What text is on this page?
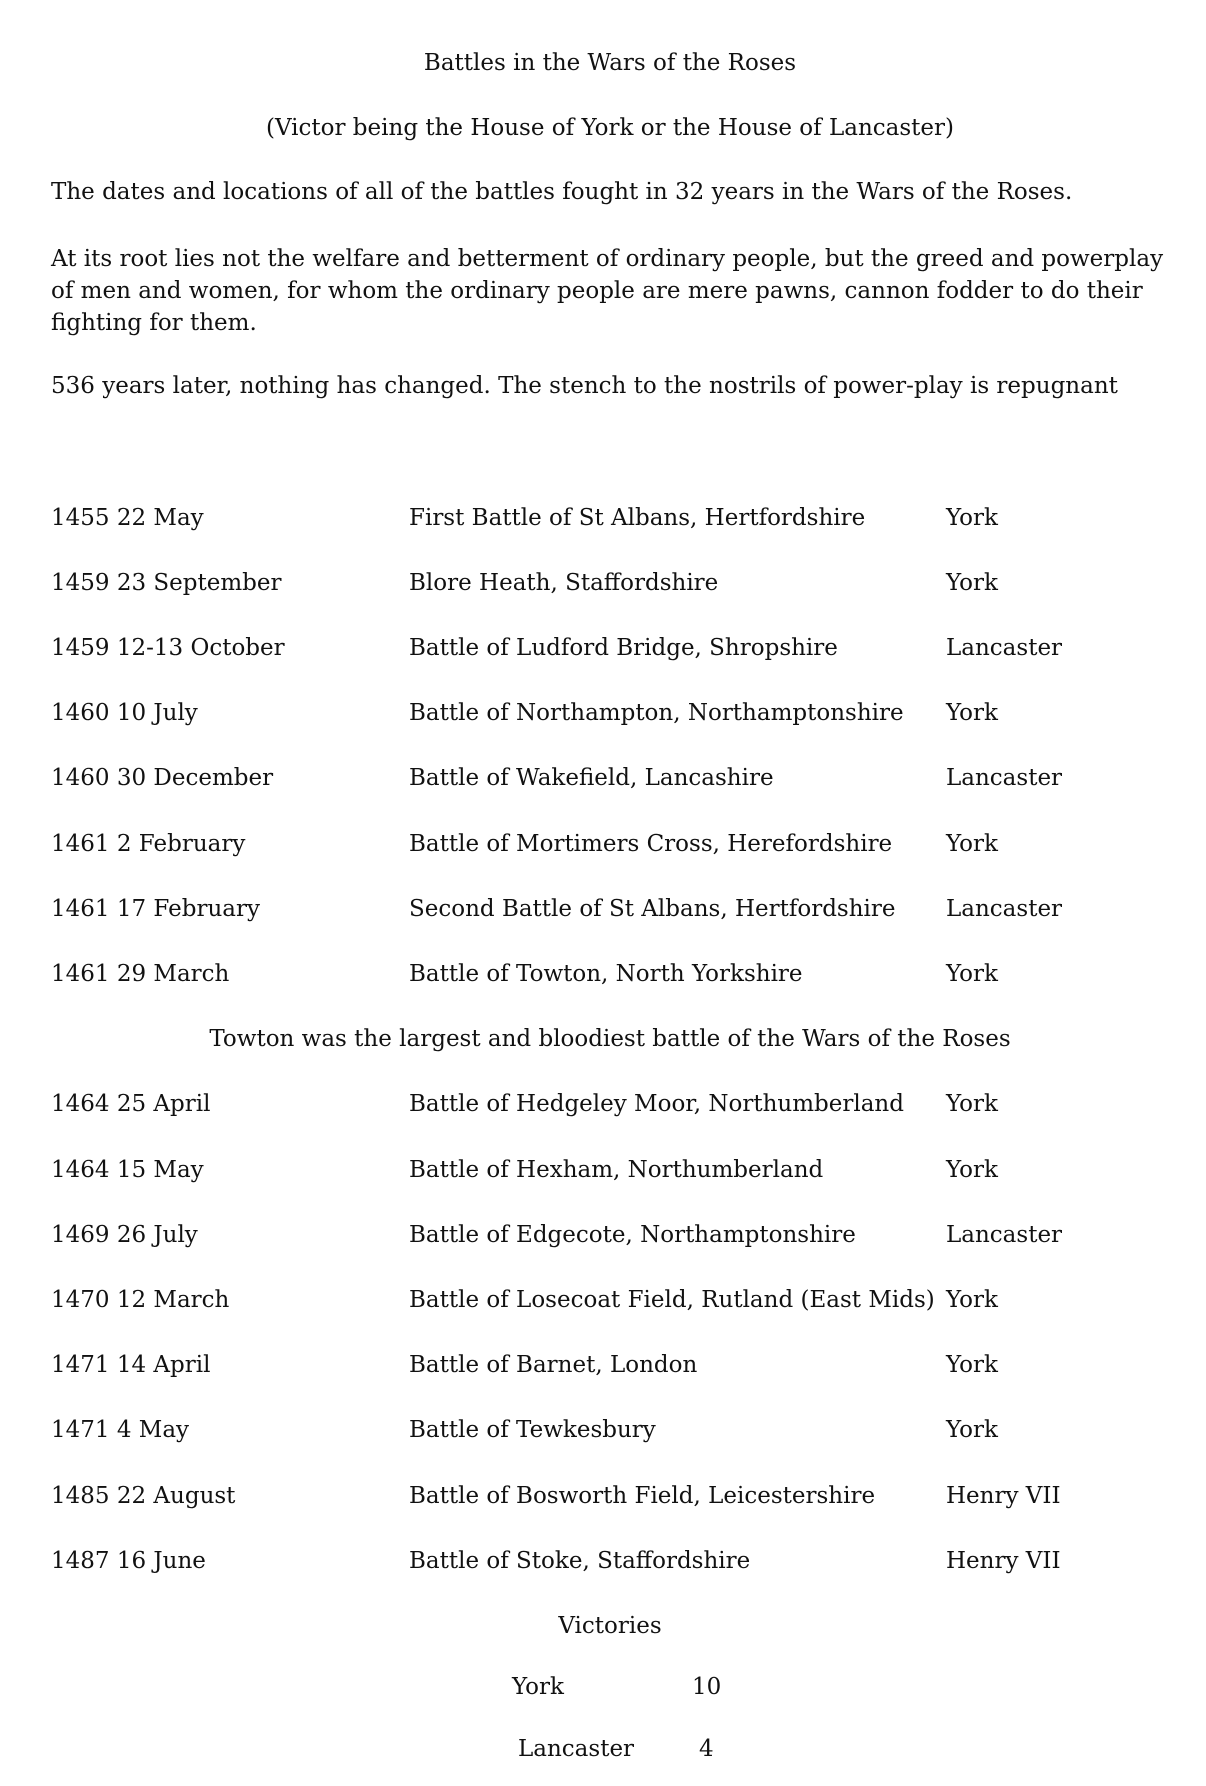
Battles in the Wars of the Roses
(Victor being the House of York or the House of Lancaster)
The dates and locations of all of the battles fought in 32 years in the Wars of the Roses.
At its root lies not the welfare and betterment of ordinary people, but the greed and powerplay of men and women, for whom the ordinary people are mere pawns, cannon fodder to do their fighting for them.
536 years later, nothing has changed. The stench to the nostrils of power-play is repugnant
1455 22 May	First Battle of St Albans, Hertfordshire	York
1459 23 September	Blore Heath, Staffordshire	York
1459 12-13 October	Battle of Ludford Bridge, Shropshire	Lancaster
1460 10 July	Battle of Northampton, Northamptonshire York
1460 30 December	Battle of Wakefield, Lancashire	Lancaster
1461 2 February	Battle of Mortimers Cross, Herefordshire York
1461 17 February	Second Battle of St Albans, Hertfordshire Lancaster
1461 29 March	Battle of Towton, North Yorkshire	York
Towton was the largest and bloodiest battle of the Wars of the Roses
1464 25 April	Battle of Hedgeley Moor, Northumberland York
1464 15 May	Battle of Hexham, Northumberland	York
1469 26 July	Battle of Edgecote, Northamptonshire	Lancaster
1470 12 March	Battle of Losecoat Field, Rutland (East Mids) York
1471 14 April	Battle of Barnet, London	York
1471 4 May	Battle of Tewkesbury	York
1485 22 August	Battle of Bosworth Field, Leicestershire	Henry VII
1487 16 June	Battle of Stoke, Staffordshire	Henry VII
Victories
York	10
Lancaster	4
